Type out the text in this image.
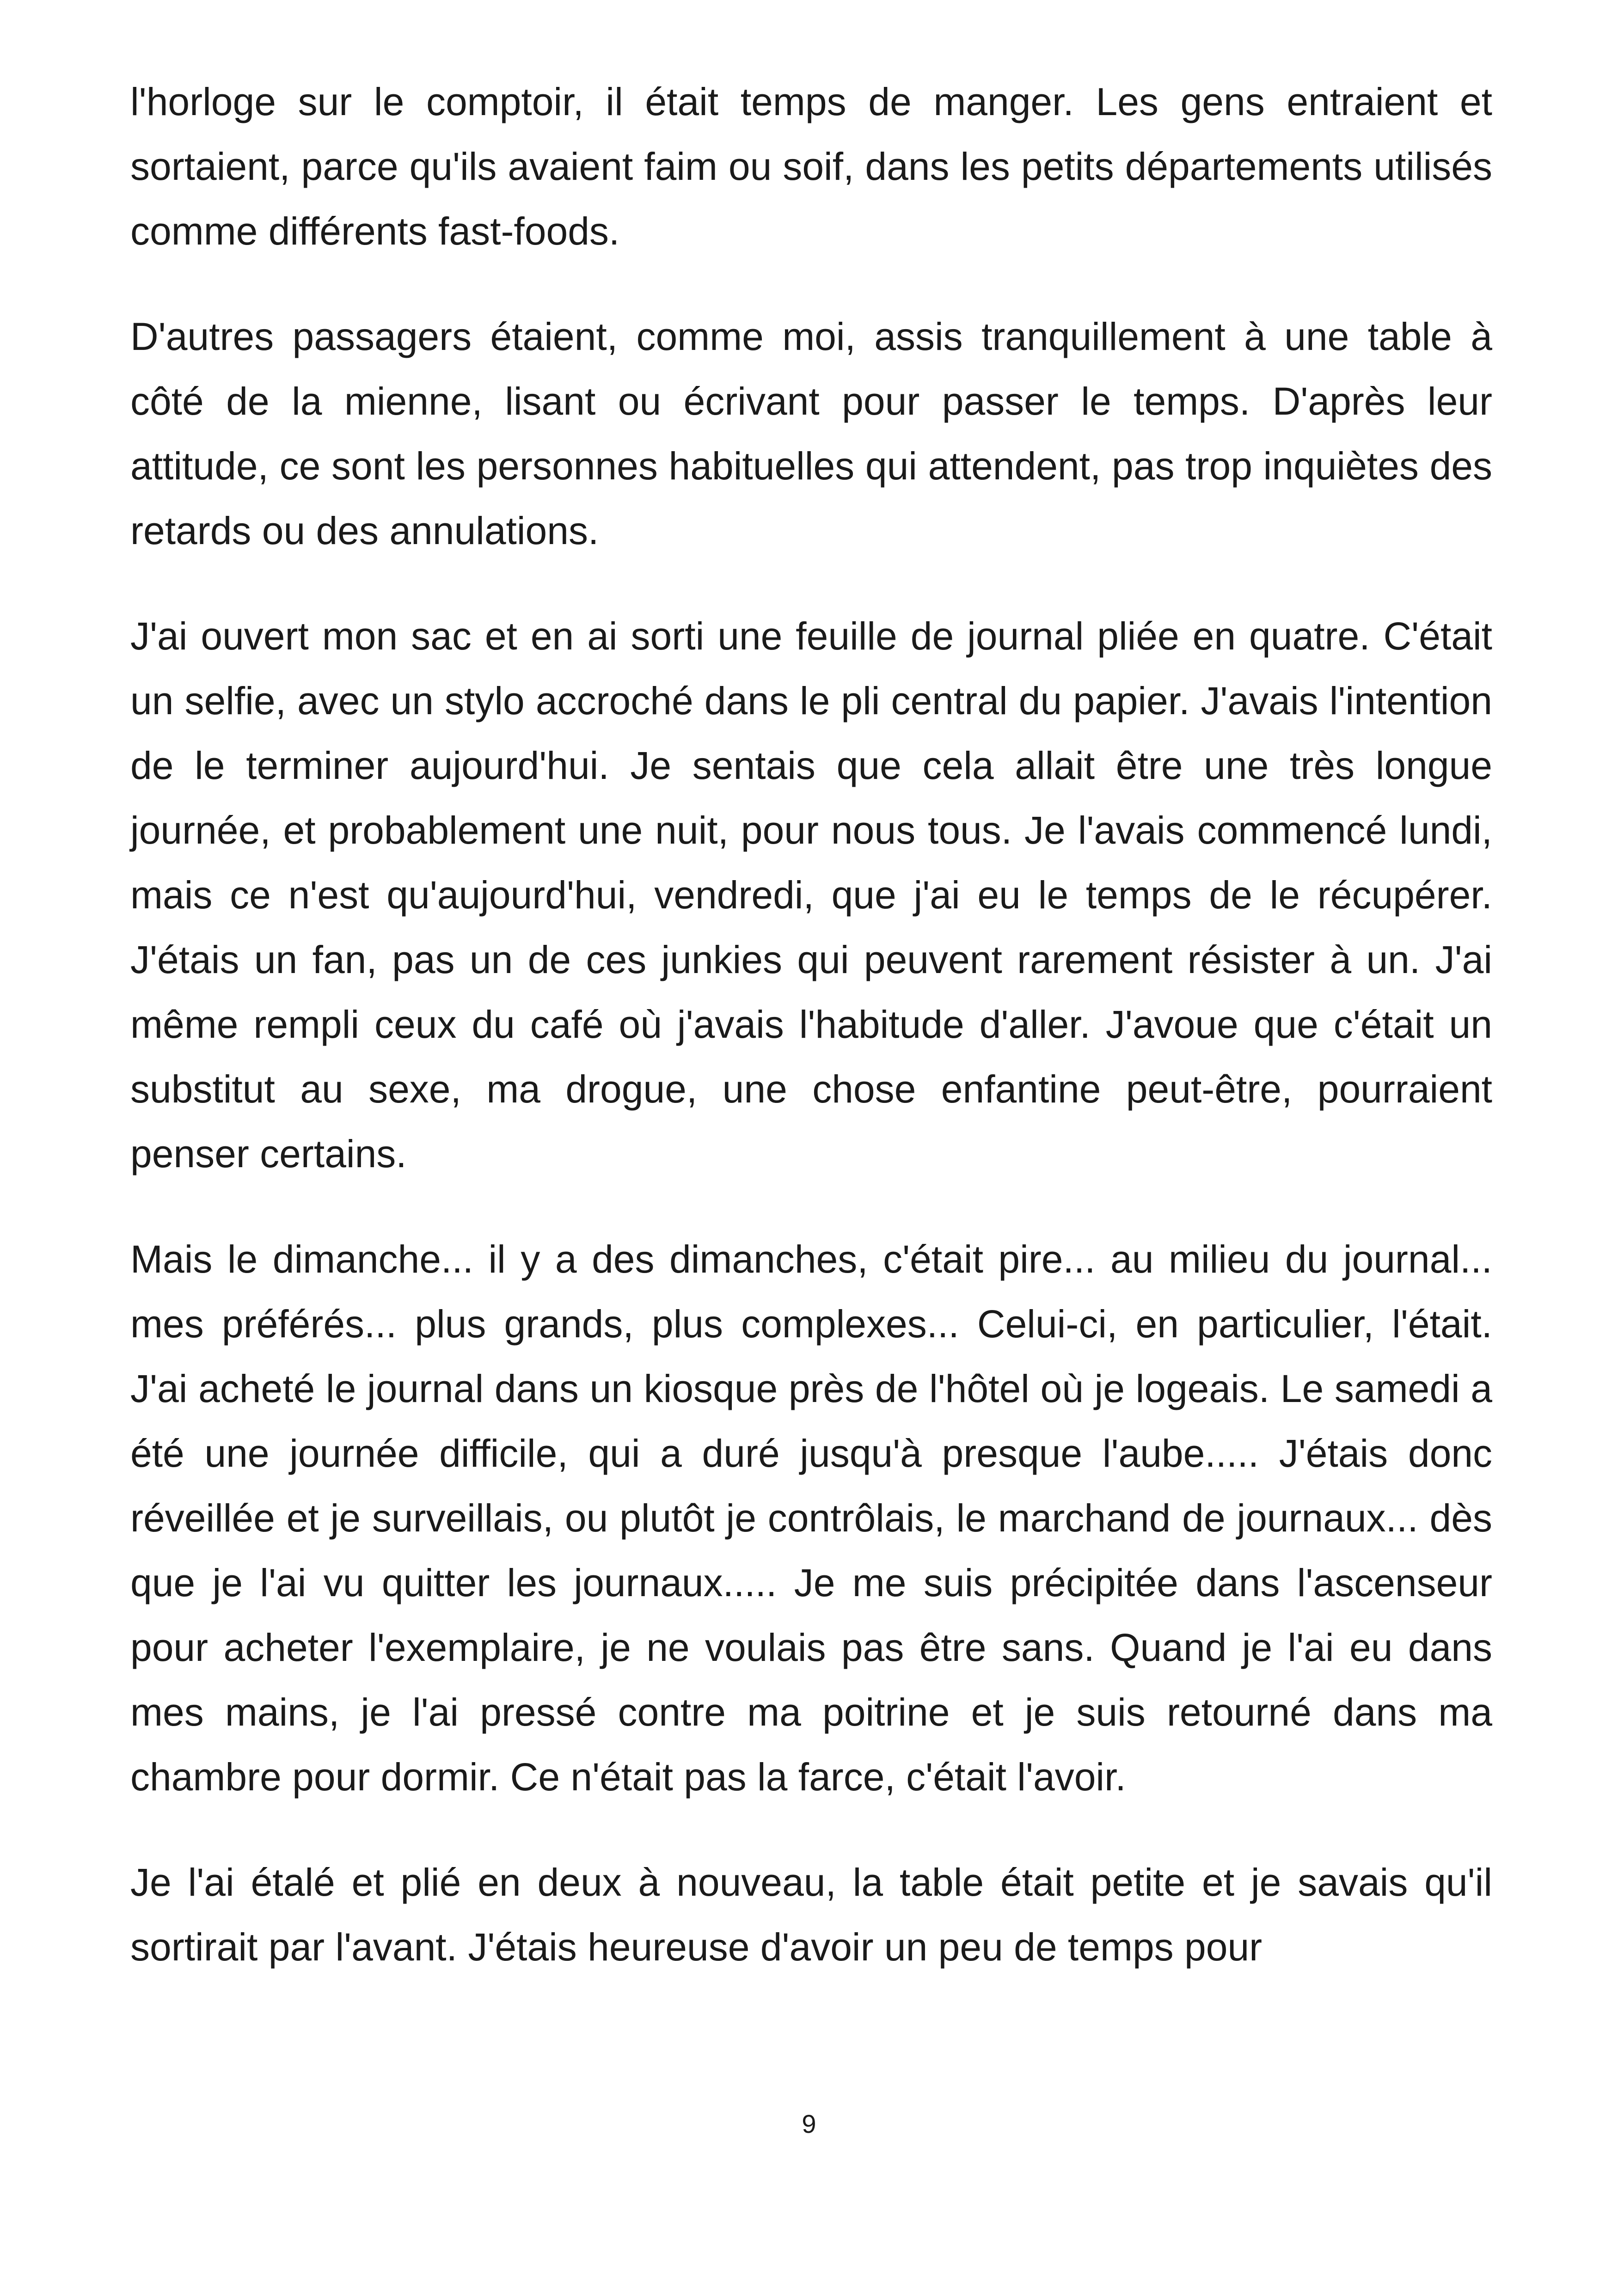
l'horloge sur le comptoir, il était temps de manger. Les gens entraient et sortaient, parce qu'ils avaient faim ou soif, dans les petits départements utilisés comme différents fast-foods.

D'autres passagers étaient, comme moi, assis tranquillement à une table à côté de la mienne, lisant ou écrivant pour passer le temps. D'après leur attitude, ce sont les personnes habituelles qui attendent, pas trop inquiètes des retards ou des annulations.

J'ai ouvert mon sac et en ai sorti une feuille de journal pliée en quatre. C'était un selfie, avec un stylo accroché dans le pli central du papier. J'avais l'intention de le terminer aujourd'hui. Je sentais que cela allait être une très longue journée, et probablement une nuit, pour nous tous. Je l'avais commencé lundi, mais ce n'est qu'aujourd'hui, vendredi, que j'ai eu le temps de le récupérer. J'étais un fan, pas un de ces junkies qui peuvent rarement résister à un. J'ai même rempli ceux du café où j'avais l'habitude d'aller. J'avoue que c'était un substitut au sexe, ma drogue, une chose enfantine peut-être, pourraient penser certains.

Mais le dimanche... il y a des dimanches, c'était pire... au milieu du journal... mes préférés... plus grands, plus complexes... Celui-ci, en particulier, l'était. J'ai acheté le journal dans un kiosque près de l'hôtel où je logeais. Le samedi a été une journée difficile, qui a duré jusqu'à presque l'aube..... J'étais donc réveillée et je surveillais, ou plutôt je contrôlais, le marchand de journaux... dès que je l'ai vu quitter les journaux..... Je me suis précipitée dans l'ascenseur pour acheter l'exemplaire, je ne voulais pas être sans. Quand je l'ai eu dans mes mains, je l'ai pressé contre ma poitrine et je suis retourné dans ma chambre pour dormir. Ce n'était pas la farce, c'était l'avoir.

Je l'ai étalé et plié en deux à nouveau, la table était petite et je savais qu'il sortirait par l'avant. J'étais heureuse d'avoir un peu de temps pour

9
